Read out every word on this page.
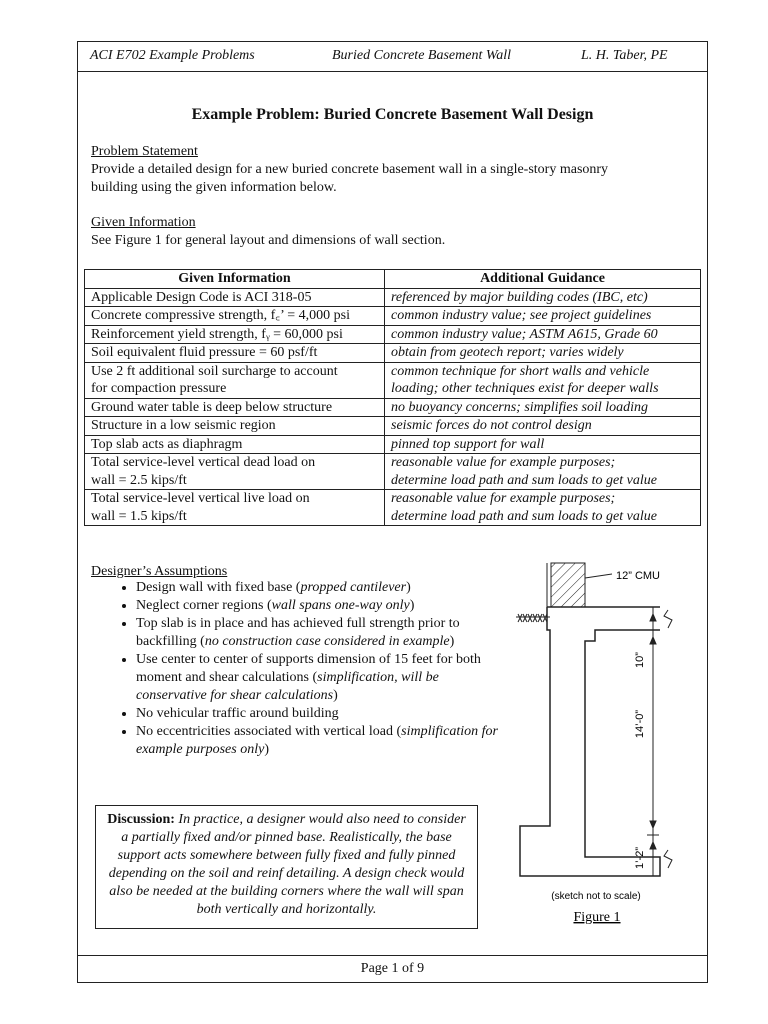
ACI E702 Example Problems	Buried Concrete Basement Wall	L. H. Taber, PE
Example Problem: Buried Concrete Basement Wall Design
Problem Statement
Provide a detailed design for a new buried concrete basement wall in a single-story masonry
building using the given information below.
Given Information
See Figure 1 for general layout and dimensions of wall section.
Given Information	Additional Guidance
Applicable Design Code is ACI 318-05	referenced by major building codes (IBC, etc)
Concrete compressive strength, f꜀’ = 4,000 psi	common industry value; see project guidelines
Reinforcement yield strength, fᵧ = 60,000 psi	common industry value; ASTM A615, Grade 60
Soil equivalent fluid pressure = 60 psf/ft	obtain from geotech report; varies widely
Use 2 ft additional soil surcharge to account
for compaction pressure	common technique for short walls and vehicle
loading; other techniques exist for deeper walls
Ground water table is deep below structure	no buoyancy concerns; simplifies soil loading
Structure in a low seismic region	seismic forces do not control design
Top slab acts as diaphragm	pinned top support for wall
Total service-level vertical dead load on
wall = 2.5 kips/ft	reasonable value for example purposes;
determine load path and sum loads to get value
Total service-level vertical live load on
wall = 1.5 kips/ft	reasonable value for example purposes;
determine load path and sum loads to get value
Designer’s Assumptions
• Design wall with fixed base (propped cantilever)
• Neglect corner regions (wall spans one-way only)
• Top slab is in place and has achieved full strength prior to backfilling (no construction case considered in example)
• Use center to center of supports dimension of 15 feet for both moment and shear calculations (simplification, will be conservative for shear calculations)
• No vehicular traffic around building
• No eccentricities associated with vertical load (simplification for example purposes only)
Discussion: In practice, a designer would also need to consider a partially fixed and/or pinned base. Realistically, the base support acts somewhere between fully fixed and fully pinned depending on the soil and reinf detailing. A design check would also be needed at the building corners where the wall will span both vertically and horizontally.
Page 1 of 9
12” CMU
10”
14’-0”
1’-2”
(sketch not to scale)
Figure 1
